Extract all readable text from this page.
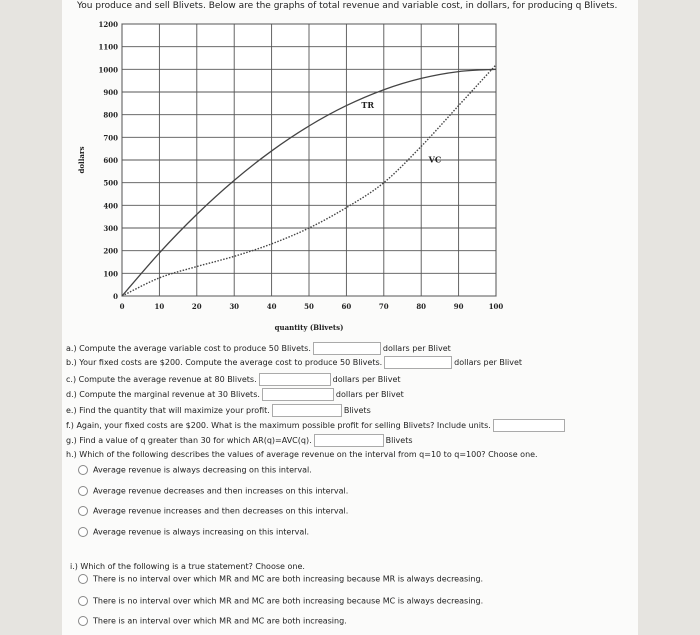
You produce and sell Blivets. Below are the graphs of total revenue and variable cost, in dollars, for producing q Blivets.
0	10	20	30	40	50	60	70	80	90	100
0
100
200
300
400
500
600
700
800
900
1000
1100
1200
TR
VC
quantity (Blivets)
dollars
a.) Compute the average variable cost to produce 50 Blivets.	dollars per Blivet
b.) Your fixed costs are $200. Compute the average cost to produce 50 Blivets.	dollars per Blivet
c.) Compute the average revenue at 80 Blivets.	dollars per Blivet
d.) Compute the marginal revenue at 30 Blivets.	dollars per Blivet
e.) Find the quantity that will maximize your profit.	Blivets
f.) Again, your fixed costs are $200. What is the maximum possible profit for selling Blivets? Include units.
g.) Find a value of q greater than 30 for which AR(q)=AVC(q).	Blivets
h.) Which of the following describes the values of average revenue on the interval from q=10 to q=100? Choose one.
Average revenue is always decreasing on this interval.
Average revenue decreases and then increases on this interval.
Average revenue increases and then decreases on this interval.
Average revenue is always increasing on this interval.
i.) Which of the following is a true statement? Choose one.
There is no interval over which MR and MC are both increasing because MR is always decreasing.
There is no interval over which MR and MC are both increasing because MC is always decreasing.
There is an interval over which MR and MC are both increasing.
